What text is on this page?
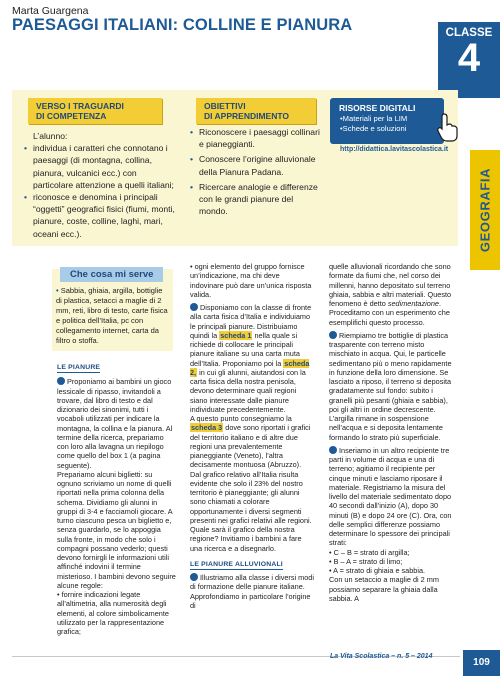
Marta Guargena
PAESAGGI ITALIANI: COLLINE E PIANURA	CLASSE
4
GEOGRAFIA
VERSO I TRAGUARDI
DI COMPETENZA
L’alunno:
• individua i caratteri che connotano i paesaggi (di montagna, collina, pianura, vulcanici ecc.) con particolare attenzione a quelli italiani;
• riconosce e denomina i principali “oggetti” geografici fisici (fiumi, monti, pianure, coste, colline, laghi, mari, oceani ecc.).
OBIETTIVI
DI APPRENDIMENTO
• Riconoscere i paesaggi collinari e pianeggianti.
• Conoscere l’origine alluvionale della Pianura Padana.
• Ricercare analogie e differenze con le grandi pianure del mondo.
RISORSE DIGITALI
• Materiali per la LIM
• Schede e soluzioni
http://didattica.lavitascolastica.it
Che cosa mi serve
• Sabbia, ghiaia, argilla, bottiglie di plastica, setacci a maglie di 2 mm, reti, libro di testo, carte fisica e politica dell’Italia, pc con collegamento internet, carta da filtro o stoffa.
LE PIANURE

Proponiamo ai bambini un gioco lessicale di ripasso, invitandoli a trovare, dal libro di testo e dal dizionario dei sinonimi, tutti i vocaboli utilizzati per indicare la montagna, la collina e la pianura. Al termine della ricerca, prepariamo con loro alla lavagna un riepilogo come quello del box 1 (a pagina seguente).

Prepariamo alcuni biglietti: su ognuno scriviamo un nome di quelli riportati nella prima colonna della schema. Dividiamo gli alunni in gruppi di 3-4 e facciamoli giocare. A turno ciascuno pesca un biglietto e, senza guardarlo, se lo appoggia sulla fronte, in modo che solo i compagni possano vederlo; questi devono fornirgli le informazioni utili affinché indovini il termine misterioso. I bambini devono seguire alcune regole:

• fornire indicazioni legate all’altimetria, alla numerosità degli elementi, al colore simbolicamente utilizzato per la rappresentazione grafica;

• ogni elemento del gruppo fornisce un’indicazione, ma chi deve indovinare può dare un’unica risposta valida.

Disponiamo con la classe di fronte alla carta fisica d’Italia e individuiamo le principali pianure. Distribuiamo quindi la scheda 1 nella quale si richiede di collocare le principali pianure italiane su una carta muta dell’Italia. Proponiamo poi la scheda 2, in cui gli alunni, aiutandosi con la carta fisica della nostra penisola, devono determinare quali regioni siano interessate dalle pianure individuate precedentemente.

A questo punto consegniamo la scheda 3 dove sono riportati i grafici del territorio italiano e di altre due regioni una prevalentemente pianeggiante (Veneto), l’altra decisamente montuosa (Abruzzo). Dal grafico relativo all’Italia risulta evidente che solo il 23% del nostro territorio è pianeggiante; gli alunni sono chiamati a colorare opportunamente i diversi segmenti presenti nei grafici relativi alle regioni. Quale sarà il grafico della nostra regione? Invitiamo i bambini a fare una ricerca e a disegnarlo.

LE PIANURE ALLUVIONALI

Illustriamo alla classe i diversi modi di formazione delle pianure italiane. Approfondiamo in particolare l’origine di

quelle alluvionali ricordando che sono formate da fiumi che, nel corso dei millenni, hanno depositato sul terreno ghiaia, sabbia e altri materiali. Questo fenomeno è detto sedimentazione. Proceditamo con un esperimento che esemplifichi questo processo.

Riempiamo tre bottiglie di plastica trasparente con terreno misto mischiato in acqua. Qui, le particelle sedimentano più o meno rapidamente in funzione della loro dimensione. Se lasciato a riposo, il terreno si deposita gradatamente sul fondo: subito i granelli più pesanti (ghiaia e sabbia), poi gli altri in ordine decrescente. L’argilla rimane in sospensione nell’acqua e si deposita lentamente formando lo strato più superficiale.

Inseriamo in un altro recipiente tre parti in volume di acqua e una di terreno; agitiamo il recipiente per cinque minuti e lasciamo riposare il materiale. Registriamo la misura del livello del materiale sedimentato dopo 40 secondi dall’inizio (A), dopo 30 minuti (B) e dopo 24 ore (C). Ora, con delle semplici differenze possiamo determinare lo spessore dei principali strati:

• C – B = strato di argilla;

• B – A = strato di limo;

• A = strato di ghiaia e sabbia.

Con un setaccio a maglie di 2 mm possiamo separare la ghiaia dalla sabbia. A

La Vita Scolastica – n. 5 – 2014
109
